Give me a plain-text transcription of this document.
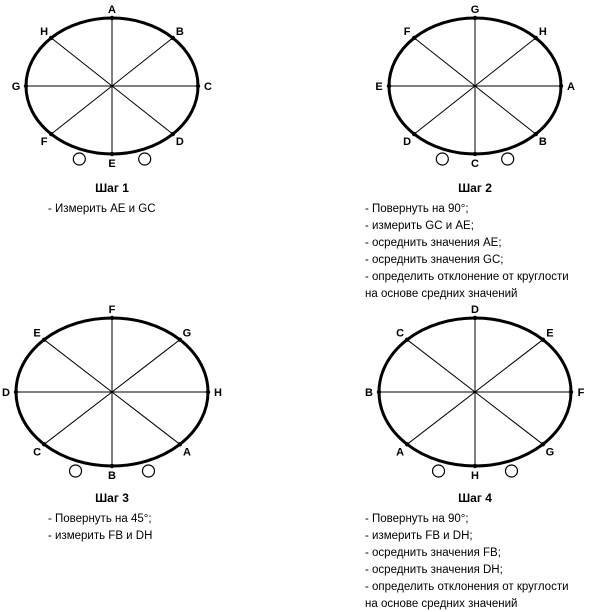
A
B
C
D
E
F
G
H
G
H
A
B
C
D
E
F
F
G
H
A
B
C
D
E
D
E
F
G
H
A
B
C
Шаг 1
- Измерить AE и GC
Шаг 2
- Повернуть на 90°;
- измерить GC и AE;
- осреднить значения AE;
- осреднить значения GC;
- определить отклонение от круглости
на основе средних значений
Шаг 3
- Повернуть на 45°;
- измерить FB и DH
Шаг 4
- Повернуть на 90°;
- измерить FB и DH;
- осреднить значения FB;
- осреднить значения DH;
- определить отклонения от круглости
на основе средних значений
